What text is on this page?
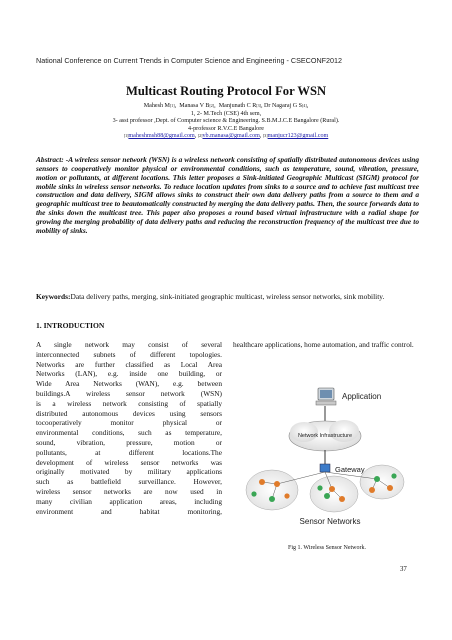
National Conference on Current Trends in Computer Science and Engineering - CSECONF2012
Multicast Routing Protocol For WSN
Mahesh M[1],  Manasa V B[2],  Manjunath C R[3], Dr Nagaraj G S[4],
1, 2- M.Tech (CSE) 4th sem,
3- asst professor ,Dept. of Computer science & Engineering. S.B.M.J.C.E Bangalore (Rural).
4-professor R.V.C.E Bangalore
[1]maheshmsh88@gmail.com, [2]vb.manasa@gmail.com, [3]manjucr123@gmail.com
Abstract: -A wireless sensor network (WSN) is a wireless network consisting of spatially distributed autonomous devices using sensors to cooperatively monitor physical or environmental conditions, such as temperature, sound, vibration, pressure, motion or pollutants, at different locations. This letter proposes a Sink-initiated Geographic Multicast (SIGM) protocol for mobile sinks in wireless sensor networks. To reduce location updates from sinks to a source and to achieve fast multicast tree construction and data delivery, SIGM allows sinks to construct their own data delivery paths from a source to them and a geographic multicast tree to beautomatically constructed by merging the data delivery paths. Then, the source forwards data to the sinks down the multicast tree. This paper also proposes a round based virtual infrastructure with a radial shape for growing the merging probability of data delivery paths and reducing the reconstruction frequency of the multicast tree due to mobility of sinks.
Keywords:Data delivery paths, merging, sink-initiated geographic multicast, wireless sensor networks, sink mobility.
1. INTRODUCTION
A single network may consist of several
interconnected subnets of different topologies.
Networks are further classified as Local Area
Networks (LAN), e.g. inside one building, or
Wide Area Networks (WAN), e.g. between
buildings.A wireless sensor network (WSN)
is a wireless network consisting of spatially
distributed autonomous devices using sensors
tocooperatively monitor physical or
environmental conditions, such as temperature,
sound, vibration, pressure, motion or
pollutants, at different locations.The
development of wireless sensor networks was
originally motivated by military applications
such as battlefield surveillance. However,
wireless sensor networks are now used in
many civilian application areas, including
environment and habitat monitoring,
healthcare applications, home automation, and traffic control.
Application
Network Infrastructure
Gateway
Sensor Networks
Fig 1. Wireless Sensor Network.
37
